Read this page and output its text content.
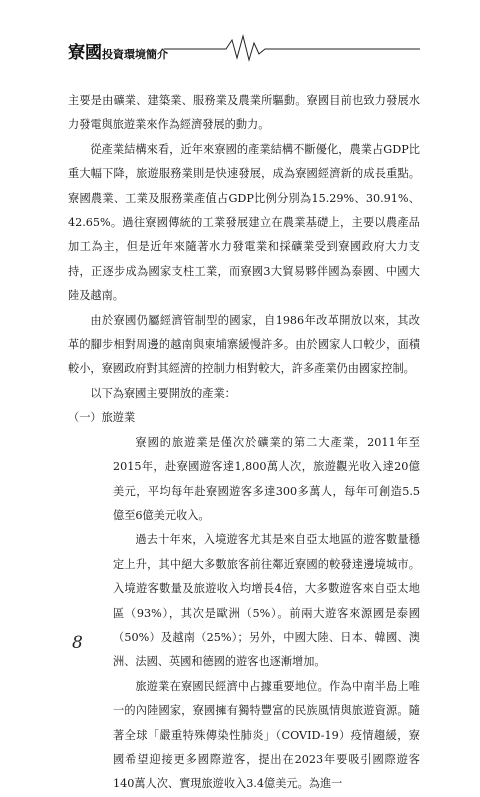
寮國投資環境簡介

主要是由礦業、建築業、服務業及農業所驅動。寮國目前也致力發展水力發電與旅遊業來作為經濟發展的動力。

從產業結構來看，近年來寮國的產業結構不斷優化，農業占GDP比重大幅下降，旅遊服務業則是快速發展，成為寮國經濟新的成長重點。寮國農業、工業及服務業產值占GDP比例分別為15.29%、30.91%、42.65%。過往寮國傳統的工業發展建立在農業基礎上，主要以農產品加工為主，但是近年來隨著水力發電業和採礦業受到寮國政府大力支持，正逐步成為國家支柱工業，而寮國3大貿易夥伴國為泰國、中國大陸及越南。

由於寮國仍屬經濟管制型的國家，自1986年改革開放以來，其改革的腳步相對周邊的越南與柬埔寨緩慢許多。由於國家人口較少，面積較小，寮國政府對其經濟的控制力相對較大，許多產業仍由國家控制。

以下為寮國主要開放的產業：

（一）旅遊業

寮國的旅遊業是僅次於礦業的第二大產業，2011年至2015年，赴寮國遊客達1,800萬人次，旅遊觀光收入達20億美元，平均每年赴寮國遊客多達300多萬人，每年可創造5.5億至6億美元收入。

過去十年來，入境遊客尤其是來自亞太地區的遊客數量穩定上升，其中絕大多數旅客前往鄰近寮國的較發達邊境城市。入境遊客數量及旅遊收入均增長4倍，大多數遊客來自亞太地區（93%），其次是歐洲（5%）。前兩大遊客來源國是泰國（50%）及越南（25%）；另外，中國大陸、日本、韓國、澳洲、法國、英國和德國的遊客也逐漸增加。

旅遊業在寮國民經濟中占據重要地位。作為中南半島上唯一的內陸國家，寮國擁有獨特豐富的民族風情與旅遊資源。隨著全球「嚴重特殊傳染性肺炎」（COVID-19）疫情趨緩，寮國希望迎接更多國際遊客，提出在2023年要吸引國際遊客140萬人次、實現旅遊收入3.4億美元。為進一

8
